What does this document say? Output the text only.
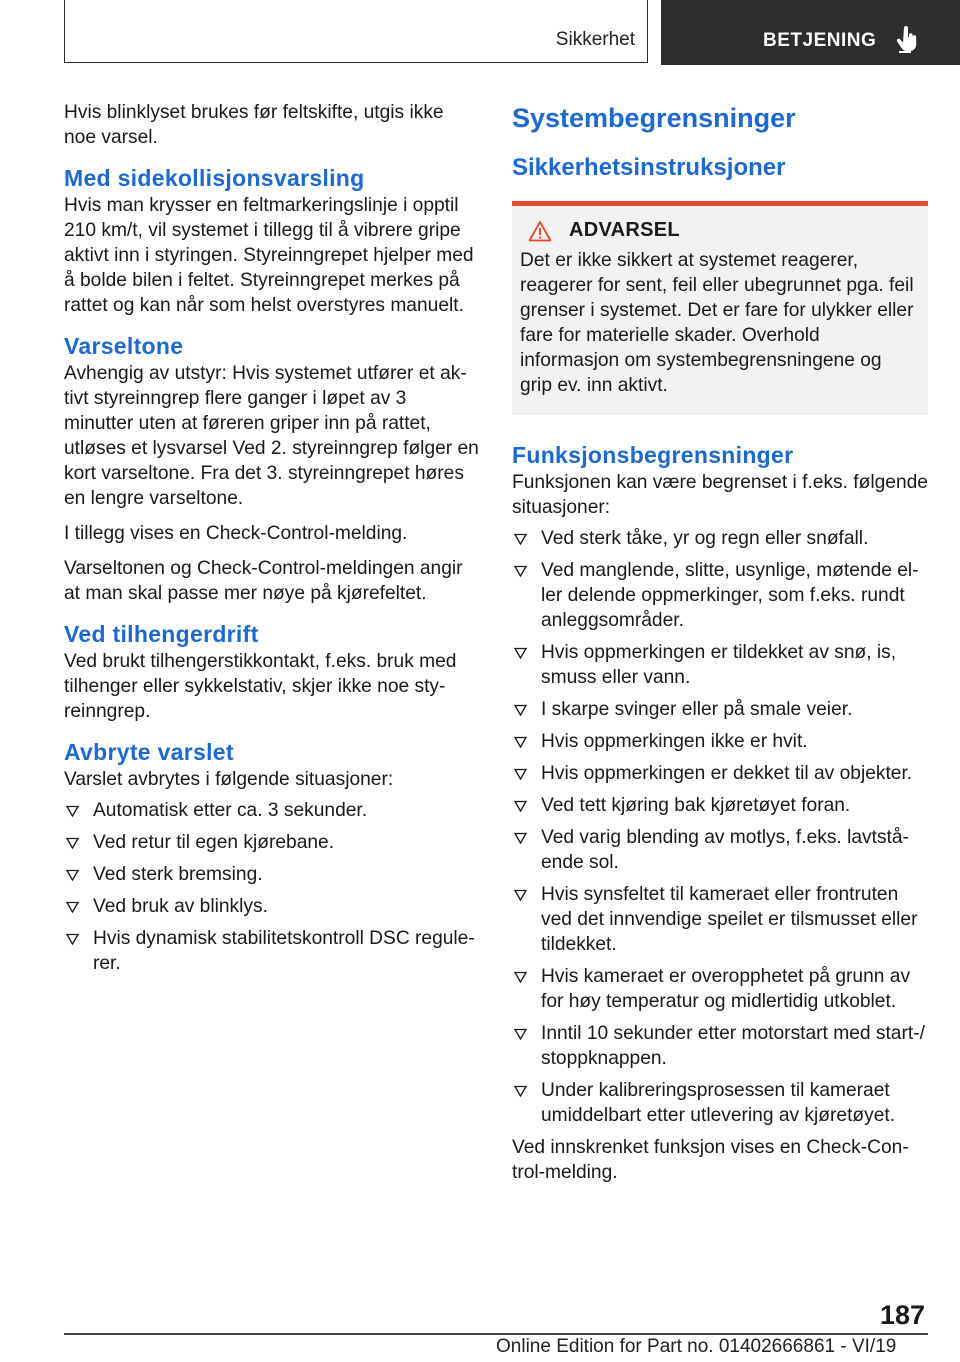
Sikkerhet	BETJENING

Hvis blinklyset brukes før feltskifte, utgis ikke noe varsel.

Med sidekollisjonsvarsling

Hvis man krysser en feltmarkeringslinje i opptil 210 km/t, vil systemet i tillegg til å vibrere gripe aktivt inn i styringen. Styreinngrepet hjelper med å bolde bilen i feltet. Styreinngrepet merkes på rattet og kan når som helst overstyres manuelt.

Varseltone

Avhengig av utstyr: Hvis systemet utfører et aktivt styreinngrep flere ganger i løpet av 3 minutter uten at føreren griper inn på rattet, utløses et lysvarsel Ved 2. styreinngrep følger en kort varseltone. Fra det 3. styreinngrepet høres en lengre varseltone.

I tillegg vises en Check-Control-melding.

Varseltonen og Check-Control-meldingen angir at man skal passe mer nøye på kjørefeltet.

Ved tilhengerdrift

Ved brukt tilhengerstikkontakt, f.eks. bruk med tilhenger eller sykkelstativ, skjer ikke noe styreinngrep.

Avbryte varslet

Varslet avbrytes i følgende situasjoner:

Automatisk etter ca. 3 sekunder.
Ved retur til egen kjørebane.
Ved sterk bremsing.
Ved bruk av blinklys.
Hvis dynamisk stabilitetskontroll DSC regulerer.
Systembegrensninger
Sikkerhetsinstruksjoner
ADVARSEL

Det er ikke sikkert at systemet reagerer, reagerer for sent, feil eller ubegrunnet pga. feil grenser i systemet. Det er fare for ulykker eller fare for materielle skader. Overhold informasjon om systembegrensningene og grip ev. inn aktivt.

Funksjonsbegrensninger

Funksjonen kan være begrenset i f.eks. følgende situasjoner:

Ved sterk tåke, yr og regn eller snøfall.
Ved manglende, slitte, usynlige, møtende eller delende oppmerkinger, som f.eks. rundt anleggsområder.
Hvis oppmerkingen er tildekket av snø, is, smuss eller vann.
I skarpe svinger eller på smale veier.
Hvis oppmerkingen ikke er hvit.
Hvis oppmerkingen er dekket til av objekter.
Ved tett kjøring bak kjøretøyet foran.
Ved varig blending av motlys, f.eks. lavtstående sol.
Hvis synsfeltet til kameraet eller frontruten ved det innvendige speilet er tilsmusset eller tildekket.
Hvis kameraet er overopphetet på grunn av for høy temperatur og midlertidig utkoblet.
Inntil 10 sekunder etter motorstart med start-/ stoppknappen.
Under kalibreringsprosessen til kameraet umiddelbart etter utlevering av kjøretøyet.

Ved innskrenket funksjon vises en Check-Control-melding.

187
Online Edition for Part no. 01402666861 - VI/19
